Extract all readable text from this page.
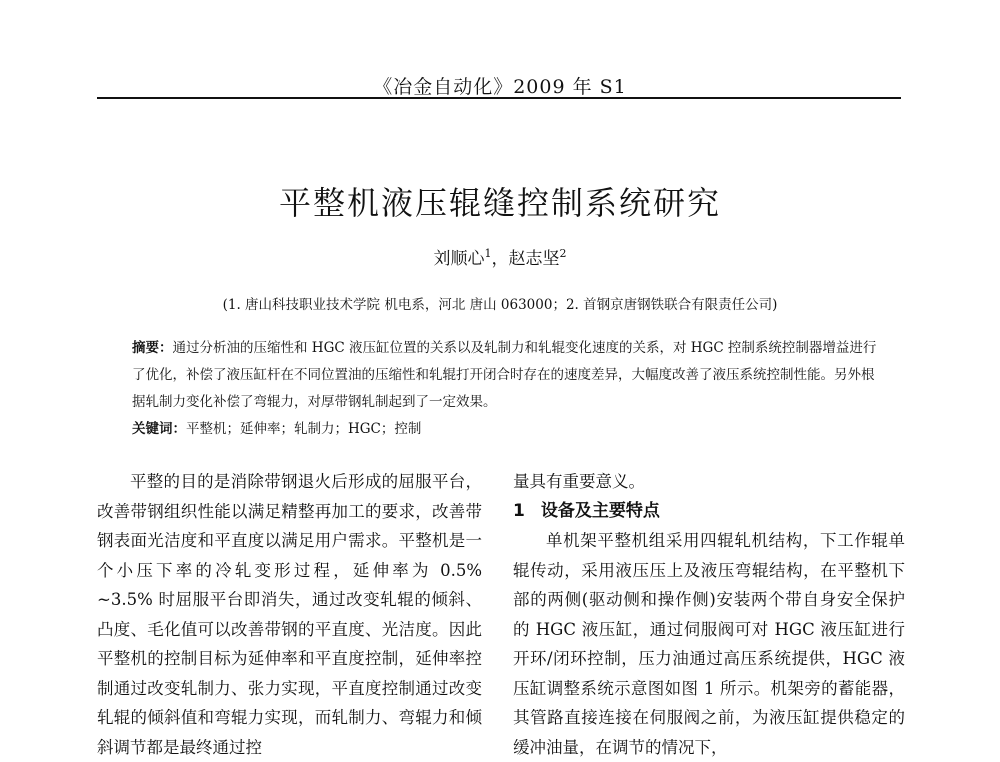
《冶金自动化》2009 年 S1
平整机液压辊缝控制系统研究
刘顺心$^1$，赵志坚$^2$
(1. 唐山科技职业技术学院 机电系，河北 唐山 063000；2. 首钢京唐钢铁联合有限责任公司)

摘要：通过分析油的压缩性和 HGC 液压缸位置的关系以及轧制力和轧辊变化速度的关系，对 HGC 控制系统控制器增益进行了优化，补偿了液压缸杆在不同位置油的压缩性和轧辊打开闭合时存在的速度差异，大幅度改善了液压系统控制性能。另外根据轧制力变化补偿了弯辊力，对厚带钢轧制起到了一定效果。

关键词：平整机；延伸率；轧制力；HGC；控制

平整的目的是消除带钢退火后形成的屈服平台，改善带钢组织性能以满足精整再加工的要求，改善带钢表面光洁度和平直度以满足用户需求。平整机是一个小压下率的冷轧变形过程，延伸率为 0.5% ~3.5% 时屈服平台即消失，通过改变轧辊的倾斜、凸度、毛化值可以改善带钢的平直度、光洁度。因此平整机的控制目标为延伸率和平直度控制，延伸率控制通过改变轧制力、张力实现，平直度控制通过改变轧辊的倾斜值和弯辊力实现，而轧制力、弯辊力和倾斜调节都是最终通过控

量具有重要意义。

1 设备及主要特点

单机架平整机组采用四辊轧机结构，下工作辊单辊传动，采用液压压上及液压弯辊结构，在平整机下部的两侧(驱动侧和操作侧)安装两个带自身安全保护的 HGC 液压缸，通过伺服阀可对 HGC 液压缸进行开环/闭环控制，压力油通过高压系统提供，HGC 液压缸调整系统示意图如图 1 所示。机架旁的蓄能器，其管路直接连接在伺服阀之前，为液压缸提供稳定的缓冲油量，在调节的情况下，
